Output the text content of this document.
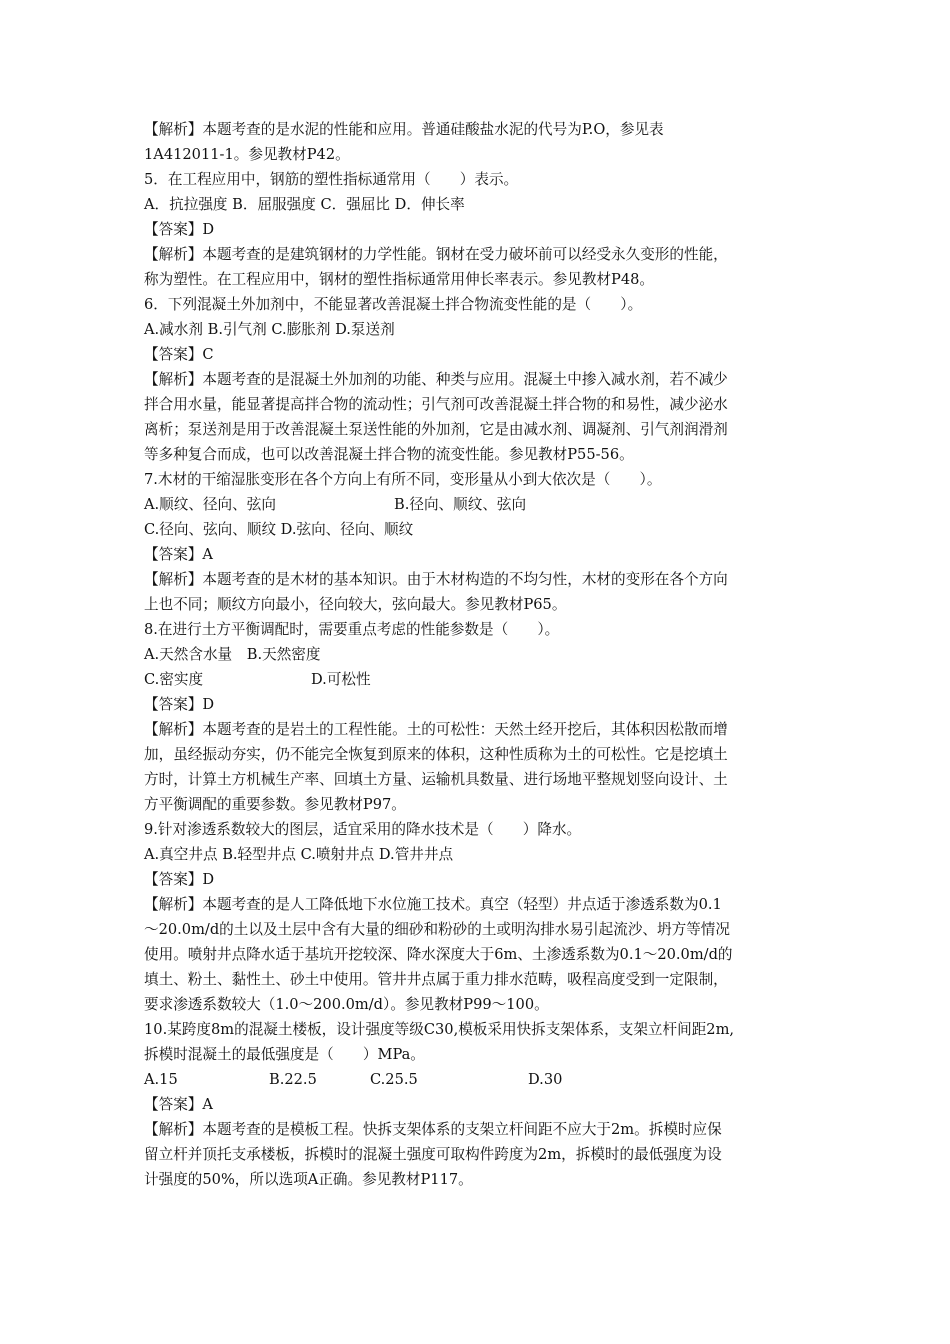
【解析】本题考查的是水泥的性能和应用。普通硅酸盐水泥的代号为P.O，参见表
1A412011-1。参见教材P42。
5．在工程应用中，钢筋的塑性指标通常用（　　）表示。
A．抗拉强度 B．屈服强度 C．强屈比 D．伸长率
【答案】D
【解析】本题考查的是建筑钢材的力学性能。钢材在受力破坏前可以经受永久变形的性能，
称为塑性。在工程应用中，钢材的塑性指标通常用伸长率表示。参见教材P48。
6．下列混凝土外加剂中，不能显著改善混凝土拌合物流变性能的是（　　）。
A.减水剂 B.引气剂 C.膨胀剂 D.泵送剂
【答案】C
【解析】本题考查的是混凝土外加剂的功能、种类与应用。混凝土中掺入减水剂，若不减少
拌合用水量，能显著提高拌合物的流动性；引气剂可改善混凝土拌合物的和易性，减少泌水
离析；泵送剂是用于改善混凝土泵送性能的外加剂，它是由减水剂、调凝剂、引气剂润滑剂
等多种复合而成，也可以改善混凝土拌合物的流变性能。参见教材P55-56。
7.木材的干缩湿胀变形在各个方向上有所不同，变形量从小到大依次是（　　）。
A.顺纹、径向、弦向	B.径向、顺纹、弦向
C.径向、弦向、顺纹 D.弦向、径向、顺纹
【答案】A
【解析】本题考查的是木材的基本知识。由于木材构造的不均匀性，木材的变形在各个方向
上也不同；顺纹方向最小，径向较大，弦向最大。参见教材P65。
8.在进行土方平衡调配时，需要重点考虑的性能参数是（　　）。
A.天然含水量　B.天然密度
C.密实度	D.可松性
【答案】D
【解析】本题考查的是岩土的工程性能。土的可松性：天然土经开挖后，其体积因松散而增
加，虽经振动夯实，仍不能完全恢复到原来的体积，这种性质称为土的可松性。它是挖填土
方时，计算土方机械生产率、回填土方量、运输机具数量、进行场地平整规划竖向设计、土
方平衡调配的重要参数。参见教材P97。
9.针对渗透系数较大的图层，适宜采用的降水技术是（　　）降水。
A.真空井点 B.轻型井点 C.喷射井点 D.管井井点
【答案】D
【解析】本题考查的是人工降低地下水位施工技术。真空（轻型）井点适于渗透系数为0.1
～20.0m/d的土以及土层中含有大量的细砂和粉砂的土或明沟排水易引起流沙、坍方等情况
使用。喷射井点降水适于基坑开挖较深、降水深度大于6m、土渗透系数为0.1～20.0m/d的
填土、粉土、黏性土、砂土中使用。管井井点属于重力排水范畴，吸程高度受到一定限制，
要求渗透系数较大（1.0～200.0m/d）。参见教材P99～100。
10.某跨度8m的混凝土楼板，设计强度等级C30,模板采用快拆支架体系，支架立杆间距2m,
拆模时混凝土的最低强度是（　　）MPa。
A.15	B.22.5	C.25.5	D.30
【答案】A
【解析】本题考查的是模板工程。快拆支架体系的支架立杆间距不应大于2m。拆模时应保
留立杆并顶托支承楼板，拆模时的混凝土强度可取构件跨度为2m，拆模时的最低强度为设
计强度的50%，所以选项A正确。参见教材P117。
